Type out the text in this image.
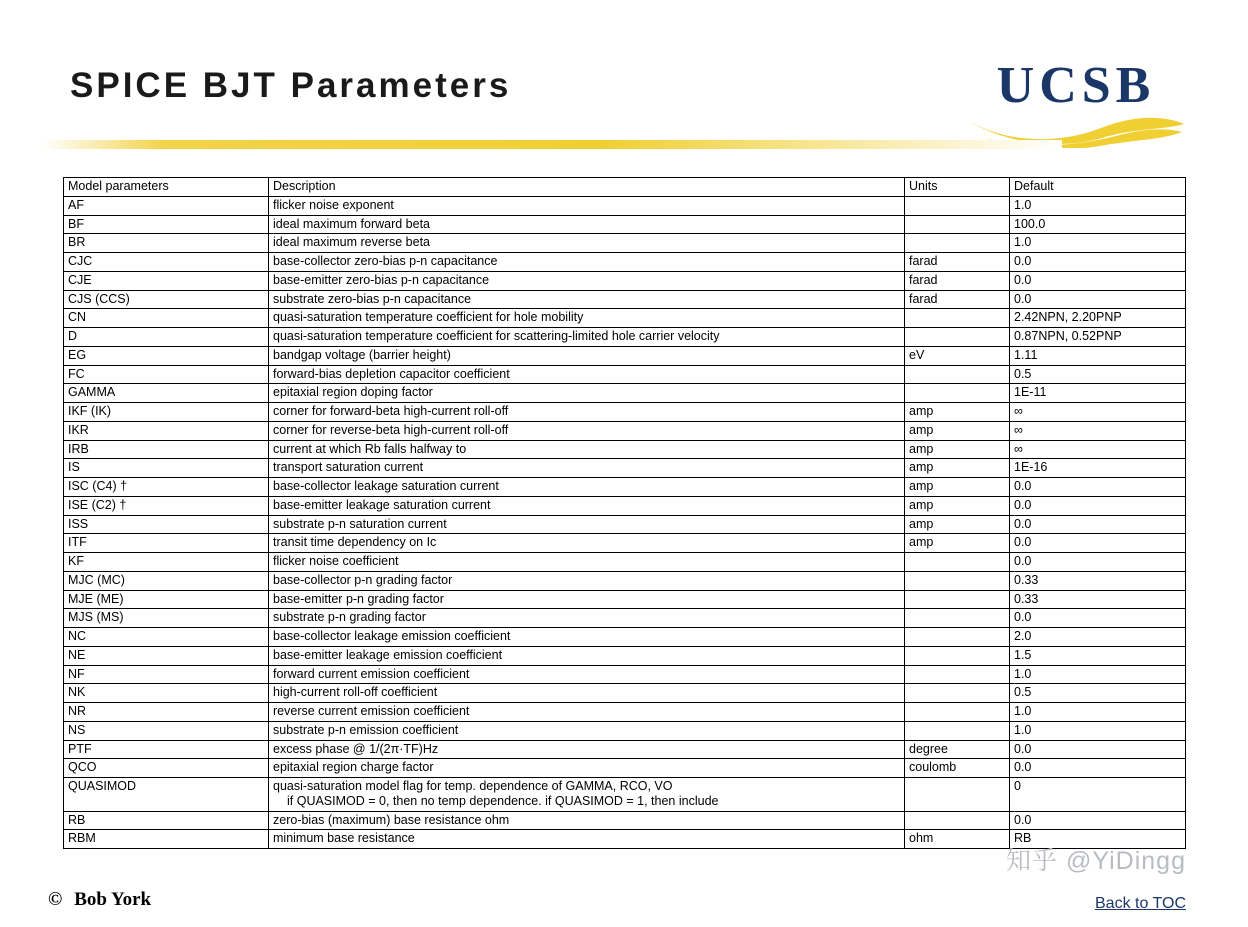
SPICE BJT Parameters	UCSB
Model parameters	Description	Units	Default
AF	flicker noise exponent		1.0
BF	ideal maximum forward beta		100.0
BR	ideal maximum reverse beta		1.0
CJC	base-collector zero-bias p-n capacitance	farad	0.0
CJE	base-emitter zero-bias p-n capacitance	farad	0.0
CJS (CCS)	substrate zero-bias p-n capacitance	farad	0.0
CN	quasi-saturation temperature coefficient for hole mobility		2.42NPN, 2.20PNP
D	quasi-saturation temperature coefficient for scattering-limited hole carrier velocity		0.87NPN, 0.52PNP
EG	bandgap voltage (barrier height)	eV	1.11
FC	forward-bias depletion capacitor coefficient		0.5
GAMMA	epitaxial region doping factor		1E-11
IKF (IK)	corner for forward-beta high-current roll-off	amp	∞
IKR	corner for reverse-beta high-current roll-off	amp	∞
IRB	current at which Rb falls halfway to	amp	∞
IS	transport saturation current	amp	1E-16
ISC (C4) †	base-collector leakage saturation current	amp	0.0
ISE (C2) †	base-emitter leakage saturation current	amp	0.0
ISS	substrate p-n saturation current	amp	0.0
ITF	transit time dependency on Ic	amp	0.0
KF	flicker noise coefficient		0.0
MJC (MC)	base-collector p-n grading factor		0.33
MJE (ME)	base-emitter p-n grading factor		0.33
MJS (MS)	substrate p-n grading factor		0.0
NC	base-collector leakage emission coefficient		2.0
NE	base-emitter leakage emission coefficient		1.5
NF	forward current emission coefficient		1.0
NK	high-current roll-off coefficient		0.5
NR	reverse current emission coefficient		1.0
NS	substrate p-n emission coefficient		1.0
PTF	excess phase @ 1/(2π·TF)Hz	degree	0.0
QCO	epitaxial region charge factor	coulomb	0.0
QUASIMOD	quasi-saturation model flag for temp. dependence of GAMMA, RCO, VO
if QUASIMOD = 0, then no temp dependence. if QUASIMOD = 1, then include		0
RB	zero-bias (maximum) base resistance ohm		0.0
RBM	minimum base resistance	ohm	RB
© Bob York
知乎 @YiDingg
Back to TOC
